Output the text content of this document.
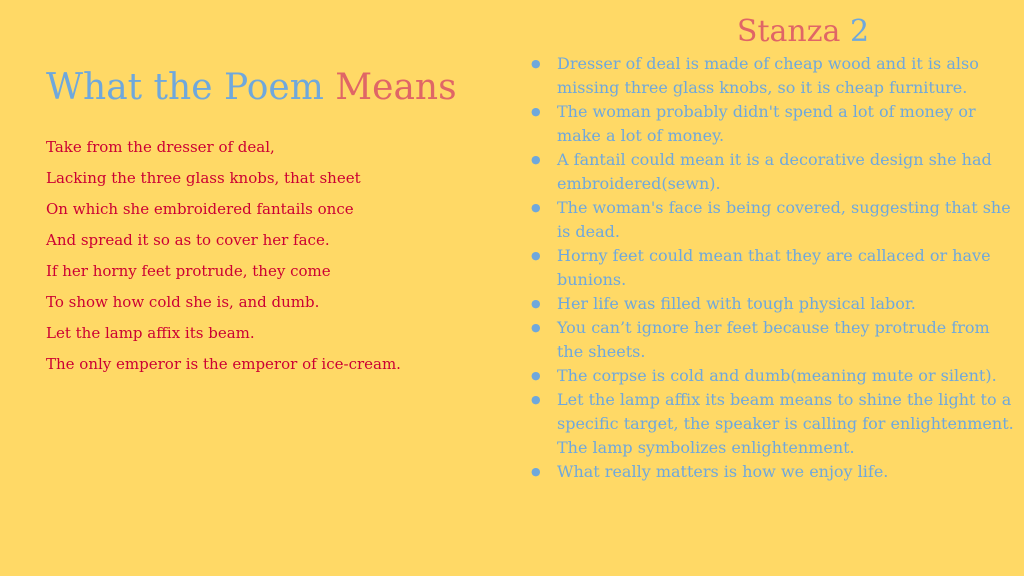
What the Poem Means
Take from the dresser of deal,
Lacking the three glass knobs, that sheet
On which she embroidered fantails once
And spread it so as to cover her face.
If her horny feet protrude, they come
To show how cold she is, and dumb.
Let the lamp affix its beam.
The only emperor is the emperor of ice-cream.
Stanza 2
● Dresser of deal is made of cheap wood and it is also missing three glass knobs, so it is cheap furniture.
● The woman probably didn't spend a lot of money or make a lot of money.
● A fantail could mean it is a decorative design she had embroidered(sewn).
● The woman's face is being covered, suggesting that she is dead.
● Horny feet could mean that they are callaced or have bunions.
● Her life was filled with tough physical labor.
● You can’t ignore her feet because they protrude from the sheets.
● The corpse is cold and dumb(meaning mute or silent).
● Let the lamp affix its beam means to shine the light to a specific target, the speaker is calling for enlightenment. The lamp symbolizes enlightenment.
● What really matters is how we enjoy life.
